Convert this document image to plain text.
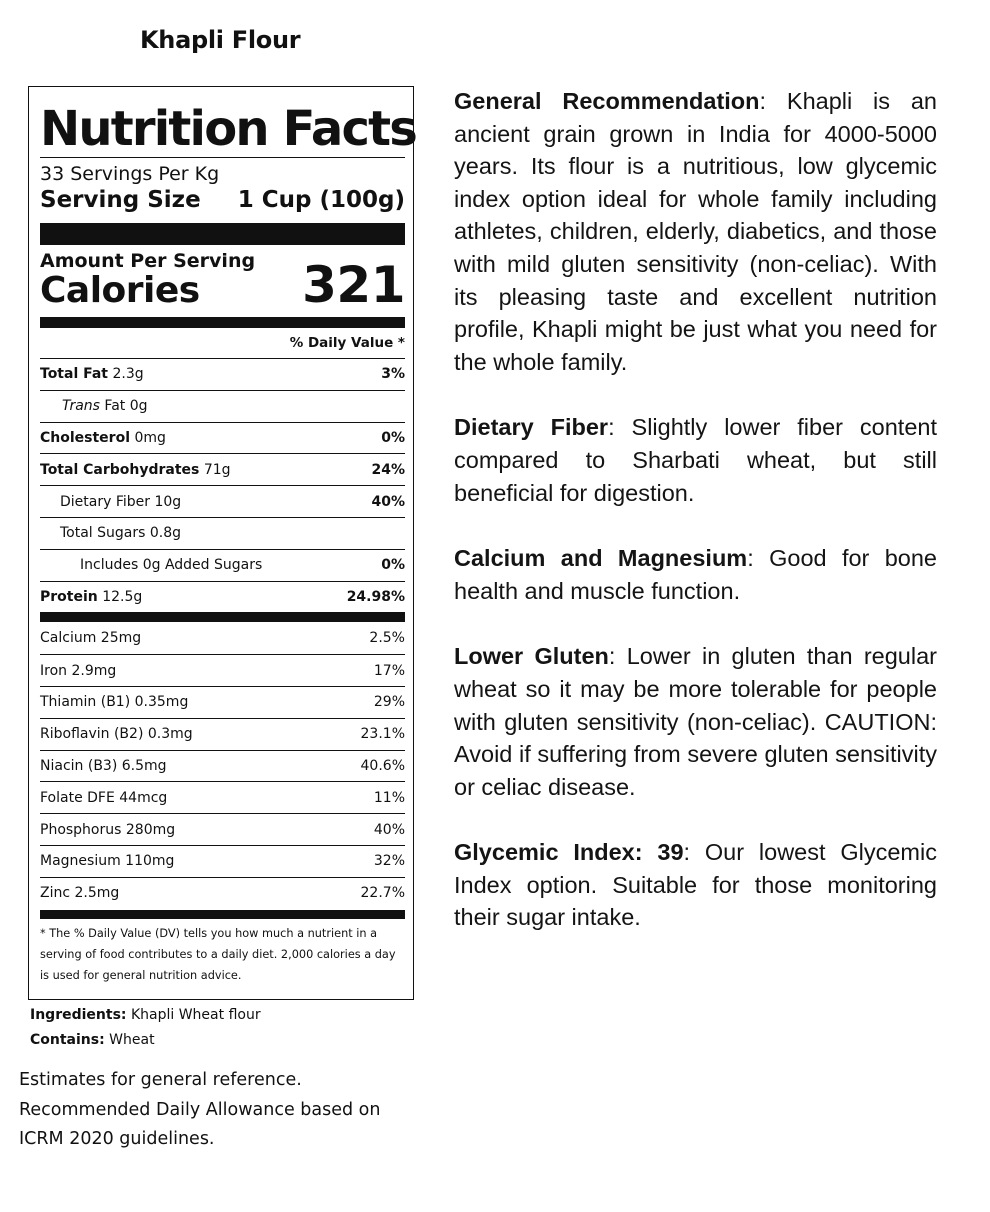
Khapli Flour
Nutrition Facts
33 Servings Per Kg
Serving Size 1 Cup (100g)
Amount Per Serving
Calories	321
% Daily Value *
Total Fat 2.3g	3%
Trans Fat 0g
Cholesterol 0mg	0%
Total Carbohydrates 71g	24%
Dietary Fiber 10g	40%
Total Sugars 0.8g
Includes 0g Added Sugars	0%
Protein 12.5g	24.98%
Calcium 25mg	2.5%
Iron 2.9mg	17%
Thiamin (B1) 0.35mg	29%
Riboflavin (B2) 0.3mg	23.1%
Niacin (B3) 6.5mg	40.6%
Folate DFE 44mcg	11%
Phosphorus 280mg	40%
Magnesium 110mg	32%
Zinc 2.5mg	22.7%
* The % Daily Value (DV) tells you how much a nutrient in a serving of food contributes to a daily diet. 2,000 calories a day is used for general nutrition advice.
Ingredients: Khapli Wheat flour
Contains: Wheat
Estimates for general reference. Recommended Daily Allowance based on ICRM 2020 guidelines.

General Recommendation: Khapli is an ancient grain grown in India for 4000-5000 years. Its flour is a nutritious, low glycemic index option ideal for whole family including athletes, children, elderly, diabetics, and those with mild gluten sensitivity (non-celiac). With its pleasing taste and excellent nutrition profile, Khapli might be just what you need for the whole family.

Dietary Fiber: Slightly lower fiber content compared to Sharbati wheat, but still beneficial for digestion.

Calcium and Magnesium: Good for bone health and muscle function.

Lower Gluten: Lower in gluten than regular wheat so it may be more tolerable for people with gluten sensitivity (non-celiac). CAUTION: Avoid if suffering from severe gluten sensitivity or celiac disease.

Glycemic Index: 39: Our lowest Glycemic Index option. Suitable for those monitoring their sugar intake.
